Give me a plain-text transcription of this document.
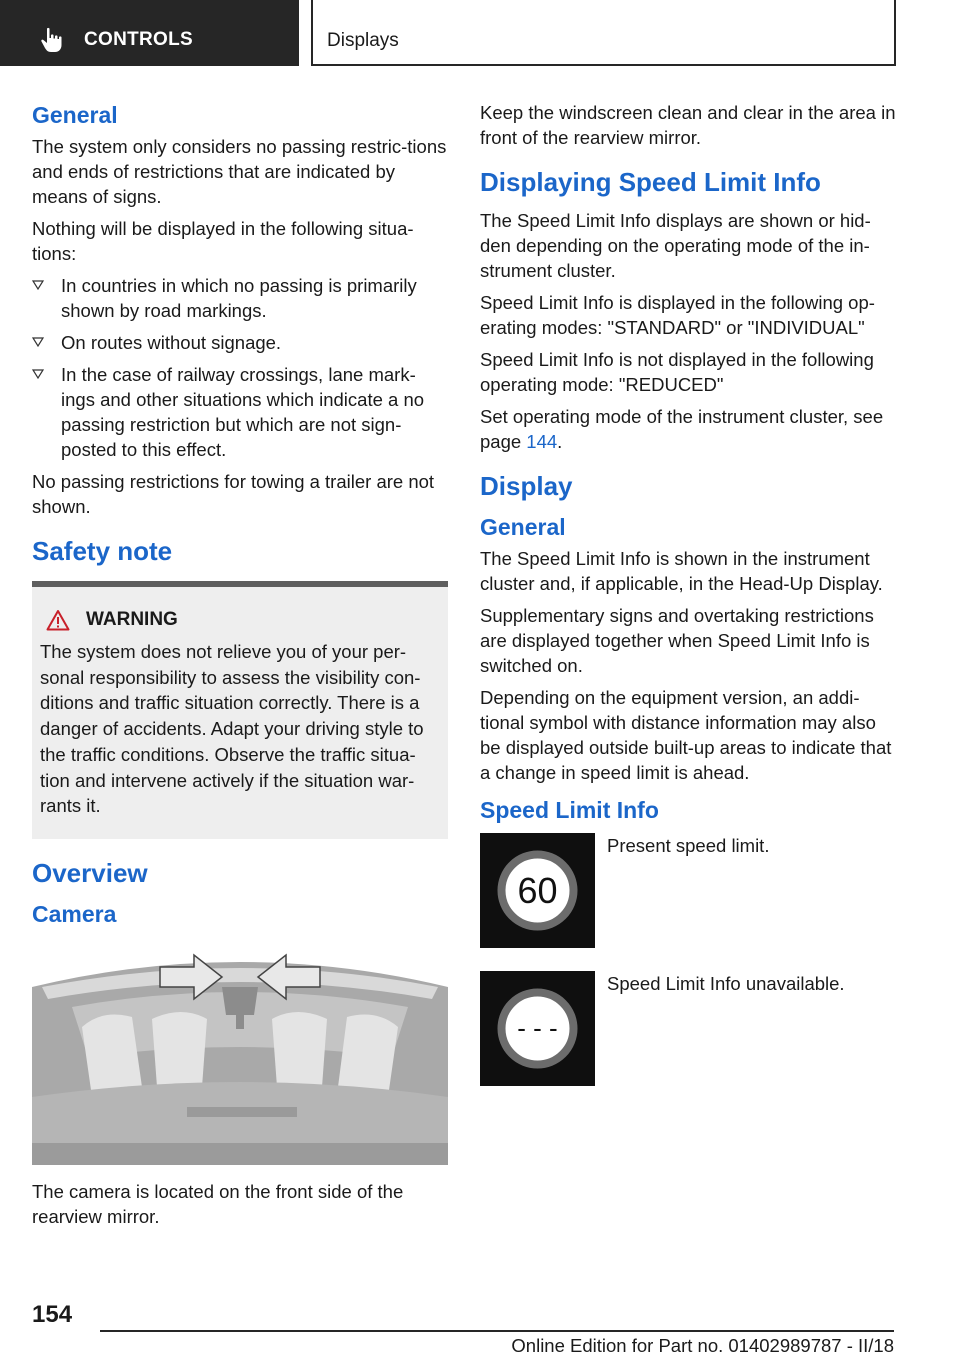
CONTROLS	Displays
General

The system only considers no passing restric-tions and ends of restrictions that are indicated by means of signs.

Nothing will be displayed in the following situa-tions:

In countries in which no passing is primarily shown by road markings.
On routes without signage.
In the case of railway crossings, lane mark-ings and other situations which indicate a no passing restriction but which are not sign-posted to this effect.

No passing restrictions for towing a trailer are not shown.

Safety note
WARNING

The system does not relieve you of your per-sonal responsibility to assess the visibility con-ditions and traffic situation correctly. There is a danger of accidents. Adapt your driving style to the traffic conditions. Observe the traffic situa-tion and intervene actively if the situation war-rants it.

Overview
Camera

The camera is located on the front side of the rearview mirror.

Keep the windscreen clean and clear in the area in front of the rearview mirror.

Displaying Speed Limit Info

The Speed Limit Info displays are shown or hid-den depending on the operating mode of the in-strument cluster.

Speed Limit Info is displayed in the following op-erating modes: "STANDARD" or "INDIVIDUAL"

Speed Limit Info is not displayed in the following operating mode: "REDUCED"

Set operating mode of the instrument cluster, see page 144.

Display
General

The Speed Limit Info is shown in the instrument cluster and, if applicable, in the Head-Up Display.

Supplementary signs and overtaking restrictions are displayed together when Speed Limit Info is switched on.

Depending on the equipment version, an addi-tional symbol with distance information may also be displayed outside built-up areas to indicate that a change in speed limit is ahead.

Speed Limit Info
60
Present speed limit.
- - -
Speed Limit Info unavailable.
154
Online Edition for Part no. 01402989787 - II/18
